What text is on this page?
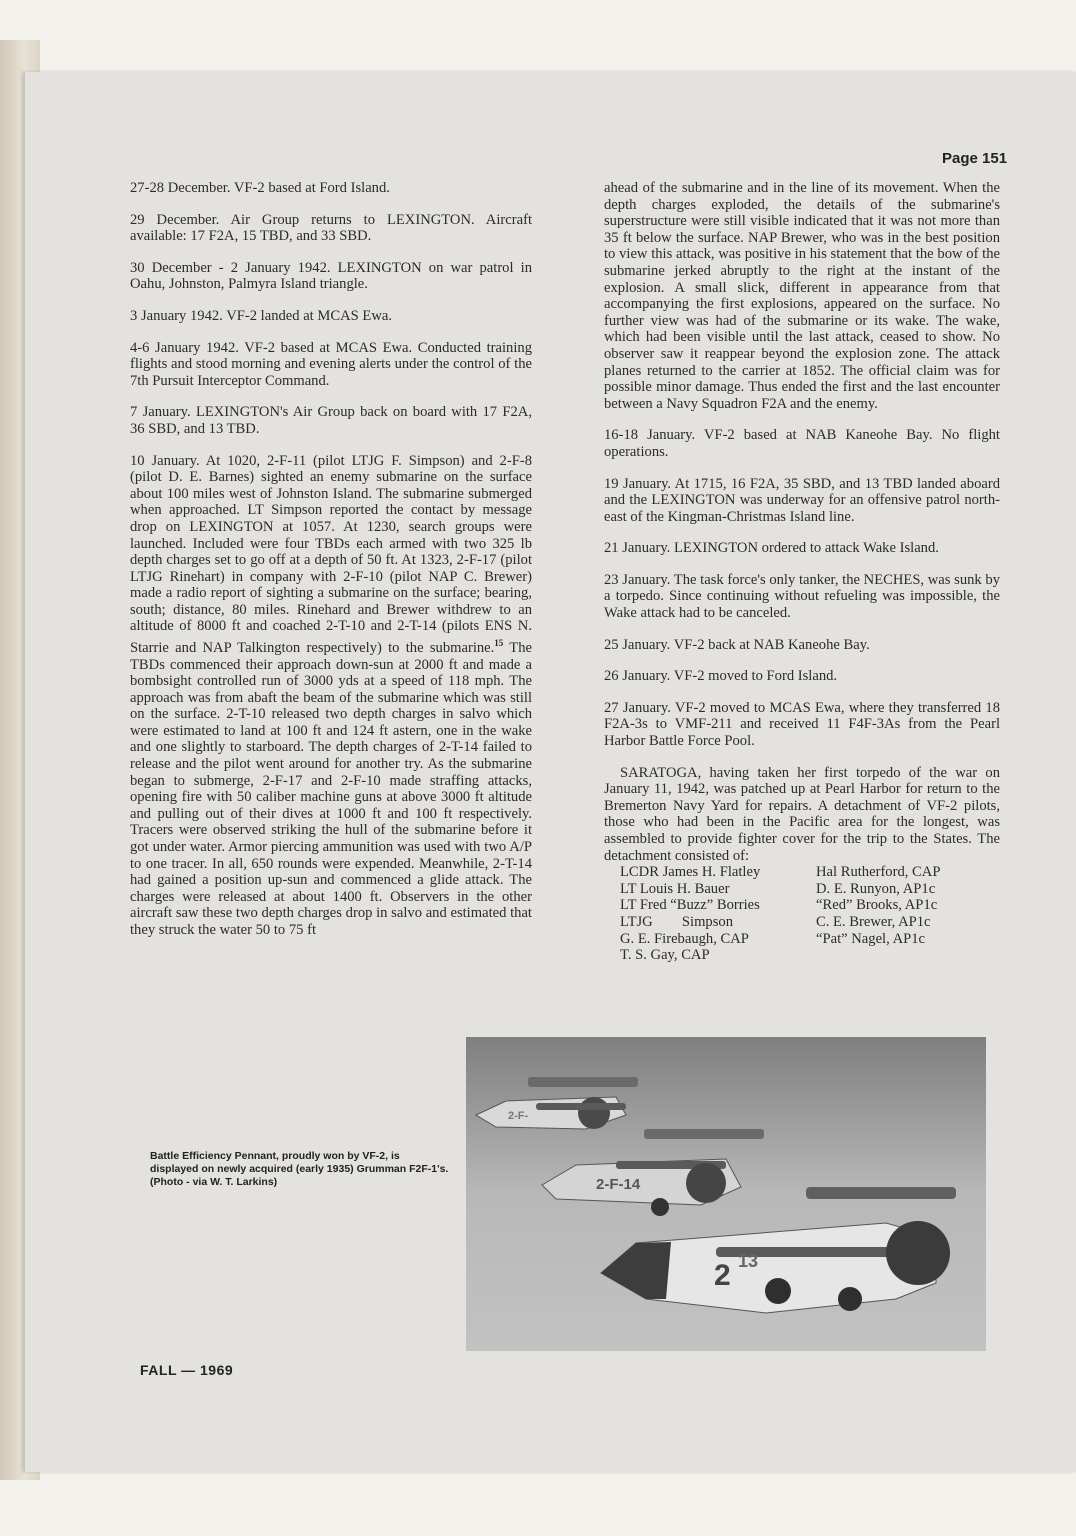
Page 151

27-28 December. VF-2 based at Ford Island.

29 December. Air Group returns to LEXINGTON. Aircraft available: 17 F2A, 15 TBD, and 33 SBD.

30 December - 2 January 1942. LEXINGTON on war patrol in Oahu, Johnston, Palmyra Island triangle.

3 January 1942. VF-2 landed at MCAS Ewa.

4-6 January 1942. VF-2 based at MCAS Ewa. Conducted training flights and stood morning and evening alerts under the control of the 7th Pursuit Interceptor Command.

7 January. LEXINGTON's Air Group back on board with 17 F2A, 36 SBD, and 13 TBD.

10 January. At 1020, 2-F-11 (pilot LTJG F. Simpson) and 2-F-8 (pilot D. E. Barnes) sighted an enemy submarine on the surface about 100 miles west of Johnston Island. The submarine submerged when approached. LT Simpson reported the contact by message drop on LEXINGTON at 1057. At 1230, search groups were launched. Included were four TBDs each armed with two 325 lb depth charges set to go off at a depth of 50 ft. At 1323, 2-F-17 (pilot LTJG Rinehart) in company with 2-F-10 (pilot NAP C. Brewer) made a radio report of sighting a submarine on the surface; bearing, south; distance, 80 miles. Rinehard and Brewer withdrew to an altitude of 8000 ft and coached 2-T-10 and 2-T-14 (pilots ENS N. Starrie and NAP Talkington respectively) to the submarine.$^{15}$ The TBDs commenced their approach down-sun at 2000 ft and made a bombsight controlled run of 3000 yds at a speed of 118 mph. The approach was from abaft the beam of the submarine which was still on the surface. 2-T-10 released two depth charges in salvo which were estimated to land at 100 ft and 124 ft astern, one in the wake and one slightly to starboard. The depth charges of 2-T-14 failed to release and the pilot went around for another try. As the submarine began to submerge, 2-F-17 and 2-F-10 made straffing attacks, opening fire with 50 caliber machine guns at above 3000 ft altitude and pulling out of their dives at 1000 ft and 100 ft respectively. Tracers were observed striking the hull of the submarine before it got under water. Armor piercing ammunition was used with two A/P to one tracer. In all, 650 rounds were expended. Meanwhile, 2-T-14 had gained a position up-sun and commenced a glide attack. The charges were released at about 1400 ft. Observers in the other aircraft saw these two depth charges drop in salvo and estimated that they struck the water 50 to 75 ft

ahead of the submarine and in the line of its movement. When the depth charges exploded, the details of the submarine's superstructure were still visible indicated that it was not more than 35 ft below the surface. NAP Brewer, who was in the best position to view this attack, was positive in his statement that the bow of the submarine jerked abruptly to the right at the instant of the explosion. A small slick, different in appearance from that accompanying the first explosions, appeared on the surface. No further view was had of the submarine or its wake. The wake, which had been visible until the last attack, ceased to show. No observer saw it reappear beyond the explosion zone. The attack planes returned to the carrier at 1852. The official claim was for possible minor damage. Thus ended the first and the last encounter between a Navy Squadron F2A and the enemy.

16-18 January. VF-2 based at NAB Kaneohe Bay. No flight operations.

19 January. At 1715, 16 F2A, 35 SBD, and 13 TBD landed aboard and the LEXINGTON was underway for an offensive patrol north-east of the Kingman-Christmas Island line.

21 January. LEXINGTON ordered to attack Wake Island.

23 January. The task force's only tanker, the NECHES, was sunk by a torpedo. Since continuing without refueling was impossible, the Wake attack had to be canceled.

25 January. VF-2 back at NAB Kaneohe Bay.

26 January. VF-2 moved to Ford Island.

27 January. VF-2 moved to MCAS Ewa, where they transferred 18 F2A-3s to VMF-211 and received 11 F4F-3As from the Pearl Harbor Battle Force Pool.

SARATOGA, having taken her first torpedo of the war on January 11, 1942, was patched up at Pearl Harbor for return to the Bremerton Navy Yard for repairs. A detachment of VF-2 pilots, those who had been in the Pacific area for the longest, was assembled to provide fighter cover for the trip to the States. The detachment consisted of:

LCDR James H. Flatley	Hal Rutherford, CAP
LT Louis H. Bauer	D. E. Runyon, AP1c
LT Fred “Buzz” Borries	“Red” Brooks, AP1c
LTJG        Simpson	C. E. Brewer, AP1c
G. E. Firebaugh, CAP	“Pat” Nagel, AP1c
T. S. Gay, CAP
2-F-
2-F-14
2 13
Battle Efficiency Pennant, proudly won by VF-2, is displayed on newly acquired (early 1935) Grumman F2F-1's. (Photo - via W. T. Larkins)
FALL — 1969
